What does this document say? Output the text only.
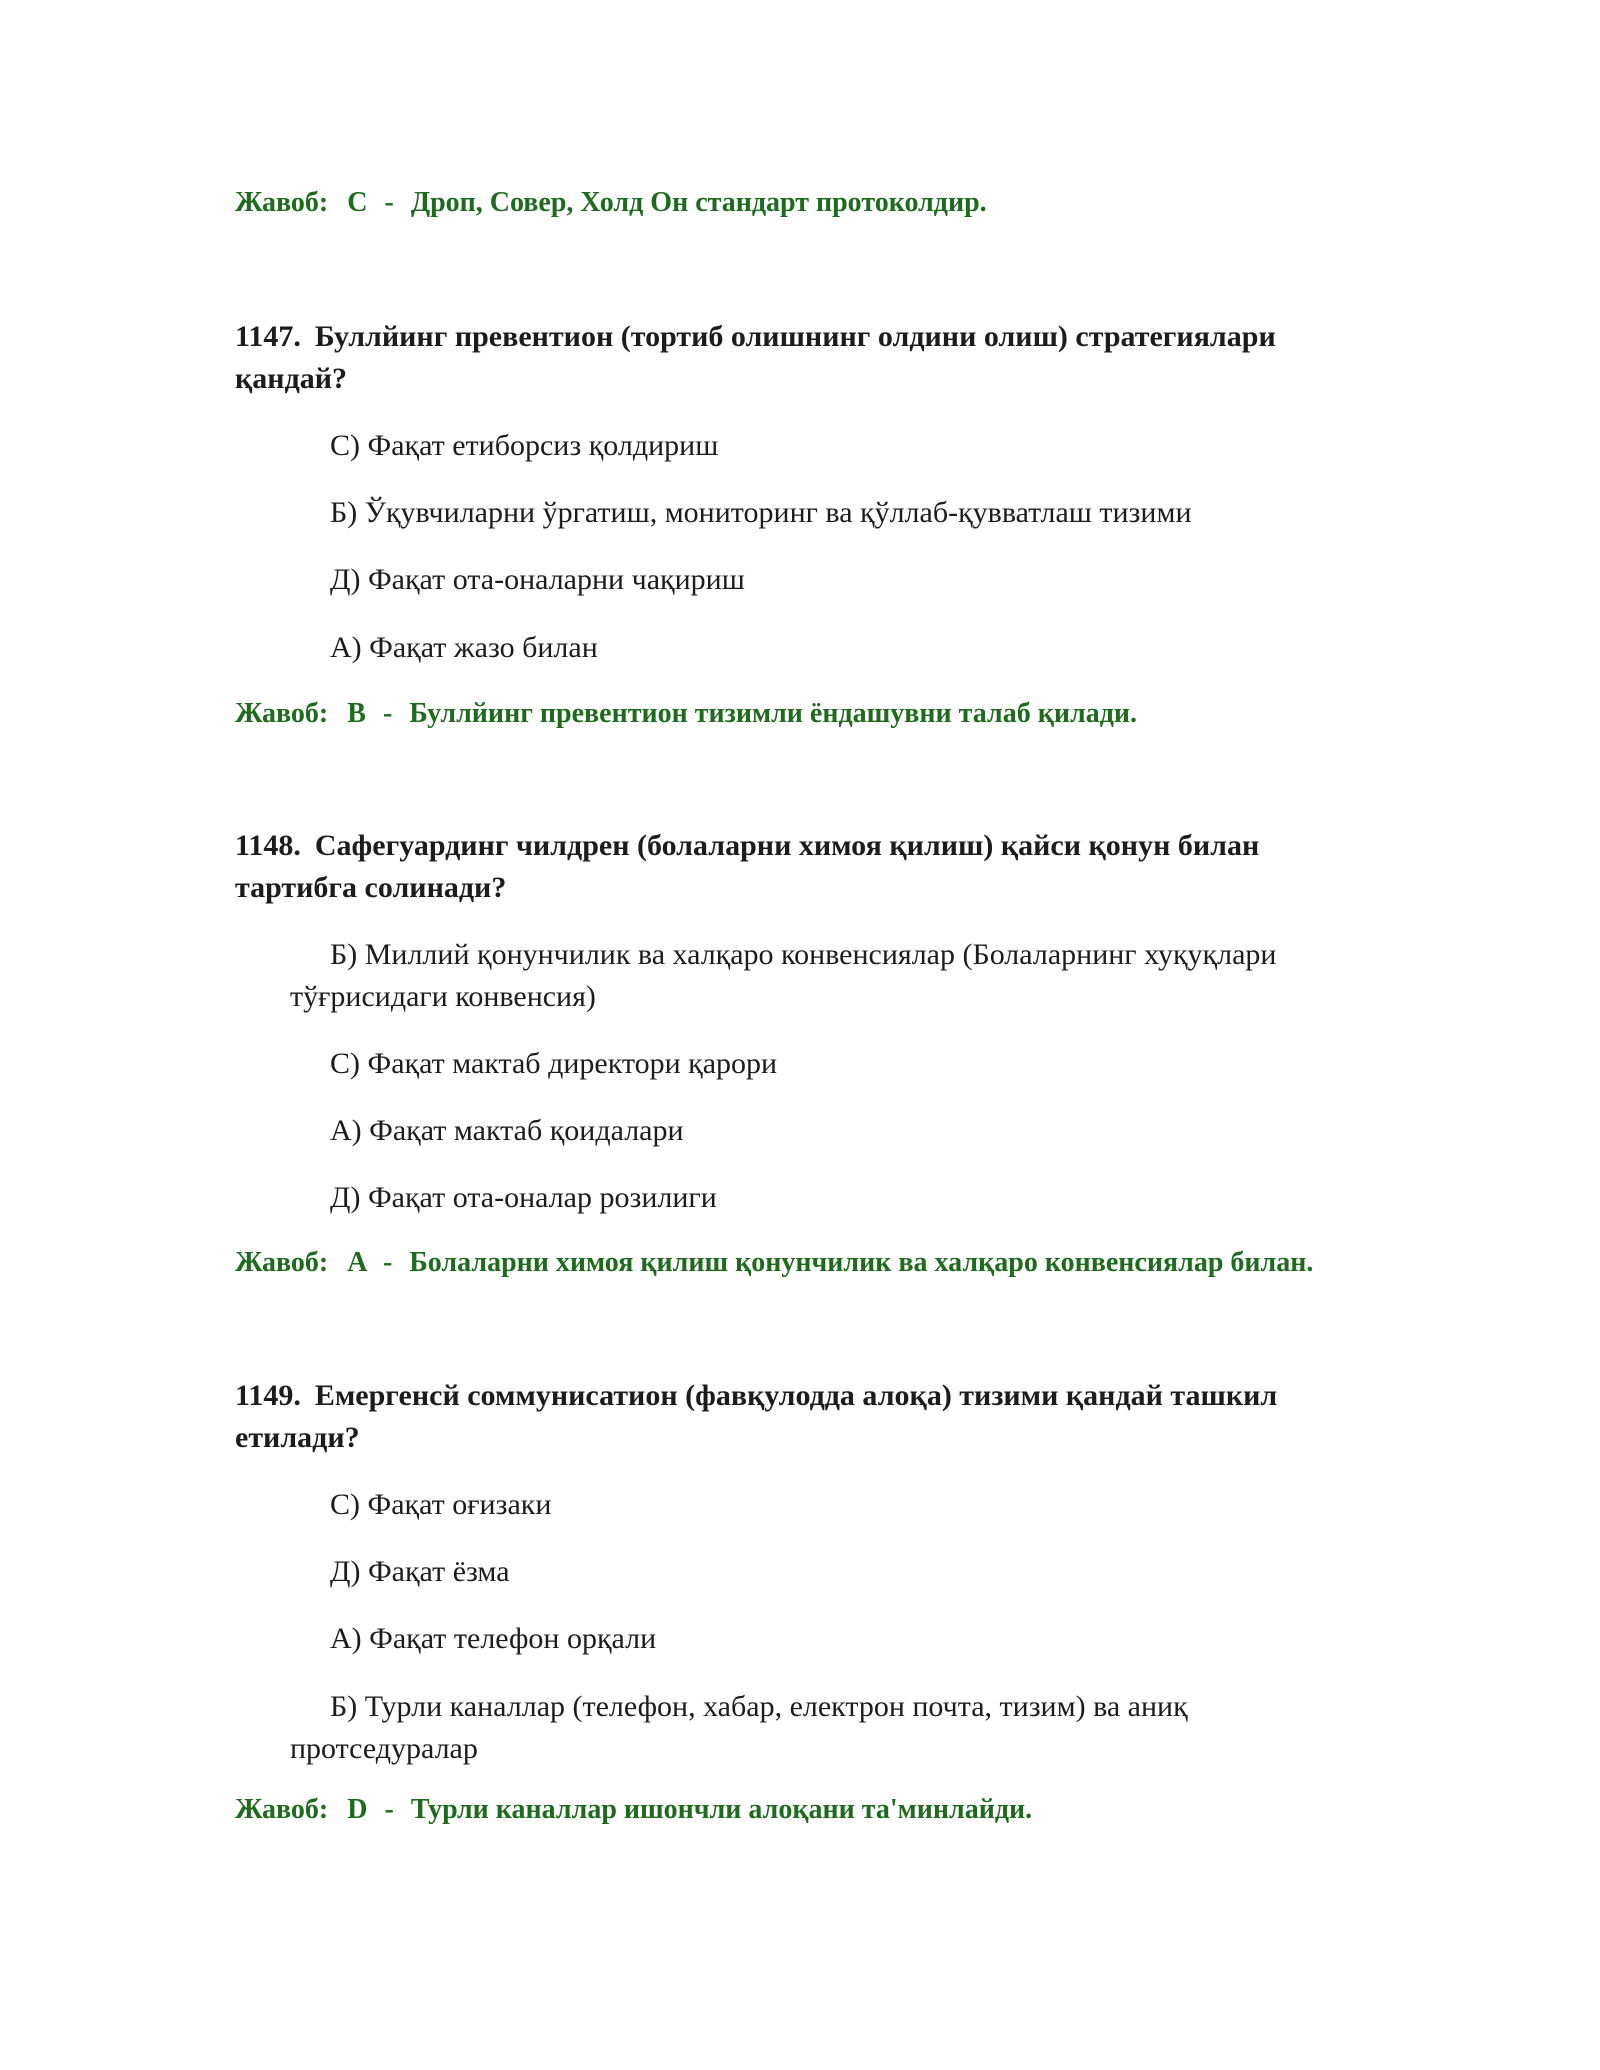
Жавоб: C - Дроп, Совер, Холд Он стандарт протоколдир.
1147. Буллйинг превентион (тортиб олишнинг олдини олиш) стратегиялари қандай?
С) Фақат етиборсиз қолдириш
Б) Ўқувчиларни ўргатиш, мониторинг ва қўллаб-қувватлаш тизими
Д) Фақат ота-оналарни чақириш
А) Фақат жазо билан
Жавоб: B - Буллйинг превентион тизимли ёндашувни талаб қилади.
1148. Сафегуардинг чилдрен (болаларни химоя қилиш) қайси қонун билан тартибга солинади?
Б) Миллий қонунчилик ва халқаро конвенсиялар (Болаларнинг хуқуқлари тўғрисидаги конвенсия)
С) Фақат мактаб директори қарори
А) Фақат мактаб қоидалари
Д) Фақат ота-оналар розилиги
Жавоб: A - Болаларни химоя қилиш қонунчилик ва халқаро конвенсиялар билан.
1149. Емергенсй соммунисатион (фавқулодда алоқа) тизими қандай ташкил етилади?
С) Фақат оғизаки
Д) Фақат ёзма
А) Фақат телефон орқали
Б) Турли каналлар (телефон, хабар, електрон почта, тизим) ва аниқ протседуралар
Жавоб: D - Турли каналлар ишончли алоқани та'минлайди.
